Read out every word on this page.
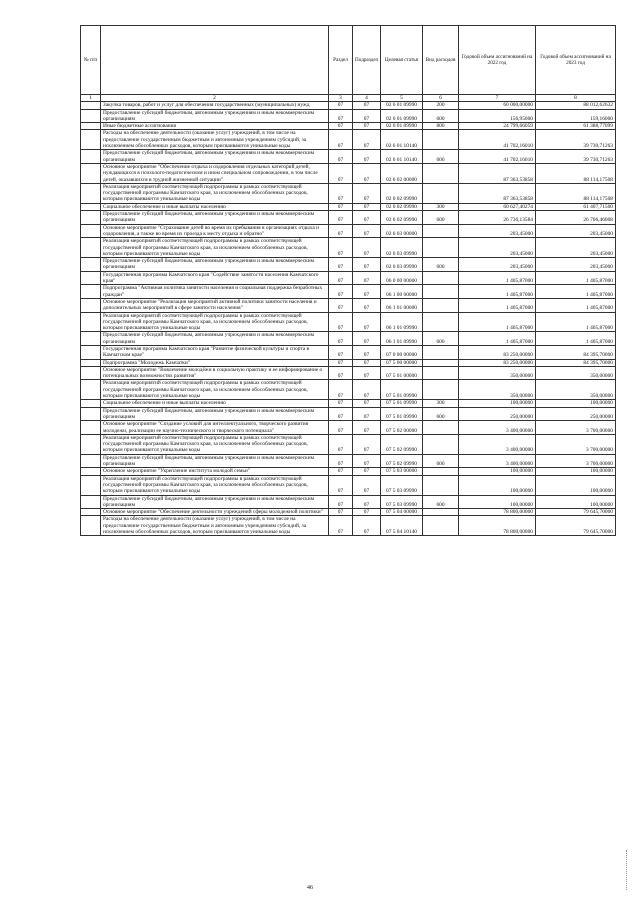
№ п/п		Раздел	Подраздел	Целевая статья	Вид расходов	Годовой объем ассигнований на 2022 год	Годовой объем ассигнований на 2023 год
1	2	3	4	5	6	7	8
	Закупка товаров, работ и услуг для обеспечения государственных (муниципальных) нужд	07	07	02 6 01 09990	200	60 000,00000	88 012,62632
	Предоставление субсидий бюджетным, автономным учреждениям и иным некоммерческим организациям	07	07	02 6 01 09990	600	156,95000	159,16000
	Иные бюджетные ассигнования	07	07	02 6 01 09990	800	24 799,66059	61 388,77099
	Расходы на обеспечение деятельности (оказание услуг) учреждений, в том числе на предоставление государственным бюджетным и автономным учреждениям субсидий, за исключением обособленных расходов, которым присваиваются уникальные коды	07	07	02 6 01 10140		41 702,16010	39 730,71263
	Предоставление субсидий бюджетным, автономным учреждениям и иным некоммерческим организациям	07	07	02 6 01 10140	600	41 702,16010	39 730,71263
	Основное мероприятие "Обеспечение отдыха и оздоровления отдельных категорий детей, нуждающихся в психолого-педагогическом и ином специальном сопровождении, в том числе детей, оказавшихся в трудной жизненной ситуации"	07	07	02 6 02 00000		87 363,53858	88 114,17508
	Реализация мероприятий соответствующей подпрограммы в рамках соответствующей государственной программы Камчатского края, за исключением обособленных расходов, которым присваиваются уникальные коды	07	07	02 6 02 09990		87 363,53858	88 114,17508
	Социальное обеспечение и иные выплаты населению	07	07	02 6 02 09990	300	60 627,40274	61 407,71500
	Предоставление субсидий бюджетным, автономным учреждениям и иным некоммерческим организациям	07	07	02 6 02 09990	600	26 736,13584	26 706,46008
	Основное мероприятие "Страхование детей во время их пребывания в организациях отдыха и оздоровления, а также во время их проезда к месту отдыха и обратно"	07	07	02 6 03 00000		203,45000	203,45000
	Реализация мероприятий соответствующей подпрограммы в рамках соответствующей государственной программы Камчатского края, за исключением обособленных расходов, которым присваиваются уникальные коды	07	07	02 6 03 09990		203,45000	203,45000
	Предоставление субсидий бюджетным, автономным учреждениям и иным некоммерческим организациям	07	07	02 6 03 09990	600	203,45000	203,45000
	Государственная программа Камчатского края "Содействие занятости населения Камчатского края"	07	07	06 0 00 00000		1 405,87000	1 405,87000
	Подпрограмма "Активная политика занятости населения и социальная поддержка безработных граждан"	07	07	06 1 00 00000		1 405,87000	1 405,87000
	Основное мероприятие "Реализация мероприятий активной политики занятости населения и дополнительных мероприятий в сфере занятости населения"	07	07	06 1 01 00000		1 405,87000	1 405,87000
	Реализация мероприятий соответствующей подпрограммы в рамках соответствующей государственной программы Камчатского края, за исключением обособленных расходов, которым присваиваются уникальные коды	07	07	06 1 01 09990		1 405,87000	1 405,87000
	Предоставление субсидий бюджетным, автономным учреждениям и иным некоммерческим организациям	07	07	06 1 01 09990	600	1 405,87000	1 405,87000
	Государственная программа Камчатского края "Развитие физической культуры и спорта в Камчатском крае"	07	07	07 0 00 00000		83 250,00000	84 395,70000
	Подпрограмма "Молодежь Камчатки"	07	07	07 5 00 00000		83 250,00000	84 395,70000
	Основное мероприятие "Вовлечение молодёжи в социальную практику и ее информирование о потенциальных возможностях развития"	07	07	07 5 01 00000		350,00000	350,00000
	Реализация мероприятий соответствующей подпрограммы в рамках соответствующей государственной программы Камчатского края, за исключением обособленных расходов, которым присваиваются уникальные коды	07	07	07 5 01 09990		350,00000	350,00000
	Социальное обеспечение и иные выплаты населению	07	07	07 5 01 09990	300	100,00000	100,00000
	Предоставление субсидий бюджетным, автономным учреждениям и иным некоммерческим организациям	07	07	07 5 01 09990	600	250,00000	250,00000
	Основное мероприятие "Создание условий для интеллектуального, творческого развития молодежи, реализации ее научно-технического и творческого потенциала"	07	07	07 5 02 00000		3 400,00000	3 700,00000
	Реализация мероприятий соответствующей подпрограммы в рамках соответствующей государственной программы Камчатского края, за исключением обособленных расходов, которым присваиваются уникальные коды	07	07	07 5 02 09990		3 400,00000	3 700,00000
	Предоставление субсидий бюджетным, автономным учреждениям и иным некоммерческим организациям	07	07	07 5 02 09990	600	3 400,00000	3 700,00000
	Основное мероприятие "Укрепление института молодой семьи"	07	07	07 5 03 00000		100,00000	100,00000
	Реализация мероприятий соответствующей подпрограммы в рамках соответствующей государственной программы Камчатского края, за исключением обособленных расходов, которым присваиваются уникальные коды	07	07	07 5 03 09990		100,00000	100,00000
	Предоставление субсидий бюджетным, автономным учреждениям и иным некоммерческим организациям	07	07	07 5 03 09990	600	100,00000	100,00000
	Основное мероприятие "Обеспечение деятельности учреждений сферы молодежной политики"	07	07	07 5 04 00000		78 800,00000	79 645,70000
	Расходы на обеспечение деятельности (оказание услуг) учреждений, в том числе на предоставление государственным бюджетным и автономным учреждениям субсидий, за исключением обособленных расходов, которым присваиваются уникальные коды	07	07	07 5 04 10140		78 800,00000	79 645,70000
46
